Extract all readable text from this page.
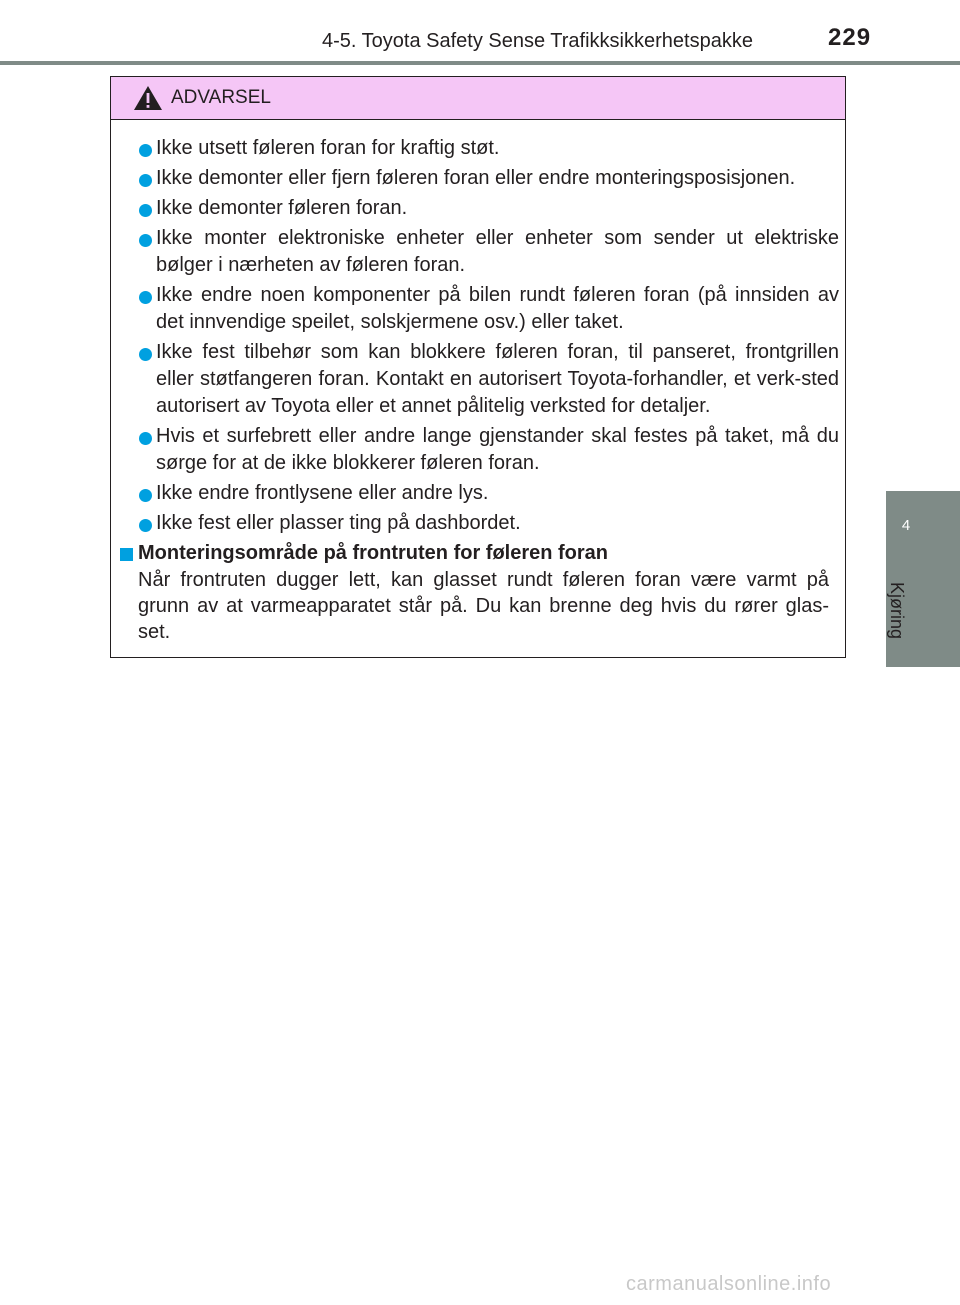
4-5. Toyota Safety Sense Trafikksikkerhetspakke	229
4
Kjøring
ADVARSEL
Ikke utsett føleren foran for kraftig støt.
Ikke demonter eller fjern føleren foran eller endre monteringsposisjonen.
Ikke demonter føleren foran.
Ikke monter elektroniske enheter eller enheter som sender ut elektriske bølger i nærheten av føleren foran.
Ikke endre noen komponenter på bilen rundt føleren foran (på innsiden av det innvendige speilet, solskjermene osv.) eller taket.
Ikke fest tilbehør som kan blokkere føleren foran, til panseret, frontgrillen eller støtfangeren foran. Kontakt en autorisert Toyota-forhandler, et verk-sted autorisert av Toyota eller et annet pålitelig verksted for detaljer.
Hvis et surfebrett eller andre lange gjenstander skal festes på taket, må du sørge for at de ikke blokkerer føleren foran.
Ikke endre frontlysene eller andre lys.
Ikke fest eller plasser ting på dashbordet.
Monteringsområde på frontruten for føleren foran
Når frontruten dugger lett, kan glasset rundt føleren foran være varmt på grunn av at varmeapparatet står på. Du kan brenne deg hvis du rører glas-set.
carmanualsonline.info
